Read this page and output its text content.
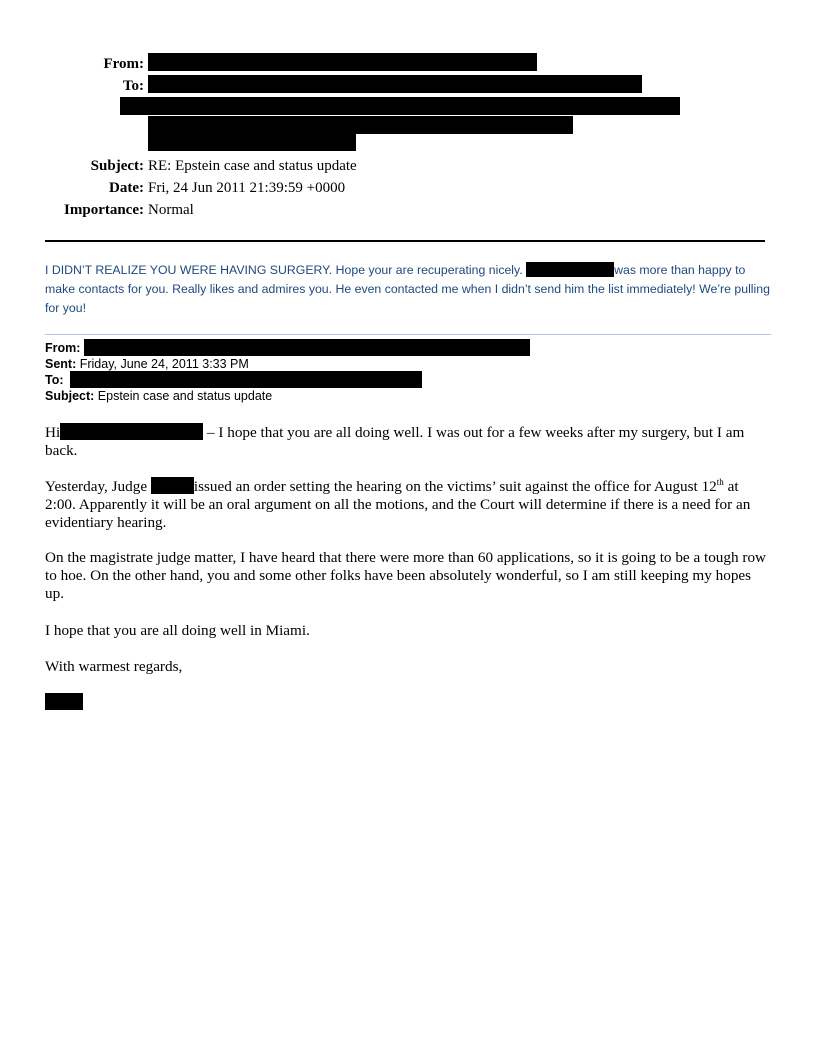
From:
To:
Subject: RE: Epstein case and status update
Date: Fri, 24 Jun 2011 21:39:59 +0000
Importance: Normal

I DIDN’T REALIZE YOU WERE HAVING SURGERY. Hope your are recuperating nicely.	was more than happy to make contacts for you. Really likes and admires you. He even contacted me when I didn’t send him the list immediately! We’re pulling for you!

From:
Sent: Friday, June 24, 2011 3:33 PM
To:
Subject: Epstein case and status update

Hi	– I hope that you are all doing well. I was out for a few weeks after my surgery, but I am back.

Yesterday, Judge	issued an order setting the hearing on the victims’ suit against the office for August 12th at 2:00. Apparently it will be an oral argument on all the motions, and the Court will determine if there is a need for an evidentiary hearing.

On the magistrate judge matter, I have heard that there were more than 60 applications, so it is going to be a tough row to hoe. On the other hand, you and some other folks have been absolutely wonderful, so I am still keeping my hopes up.

I hope that you are all doing well in Miami.

With warmest regards,
